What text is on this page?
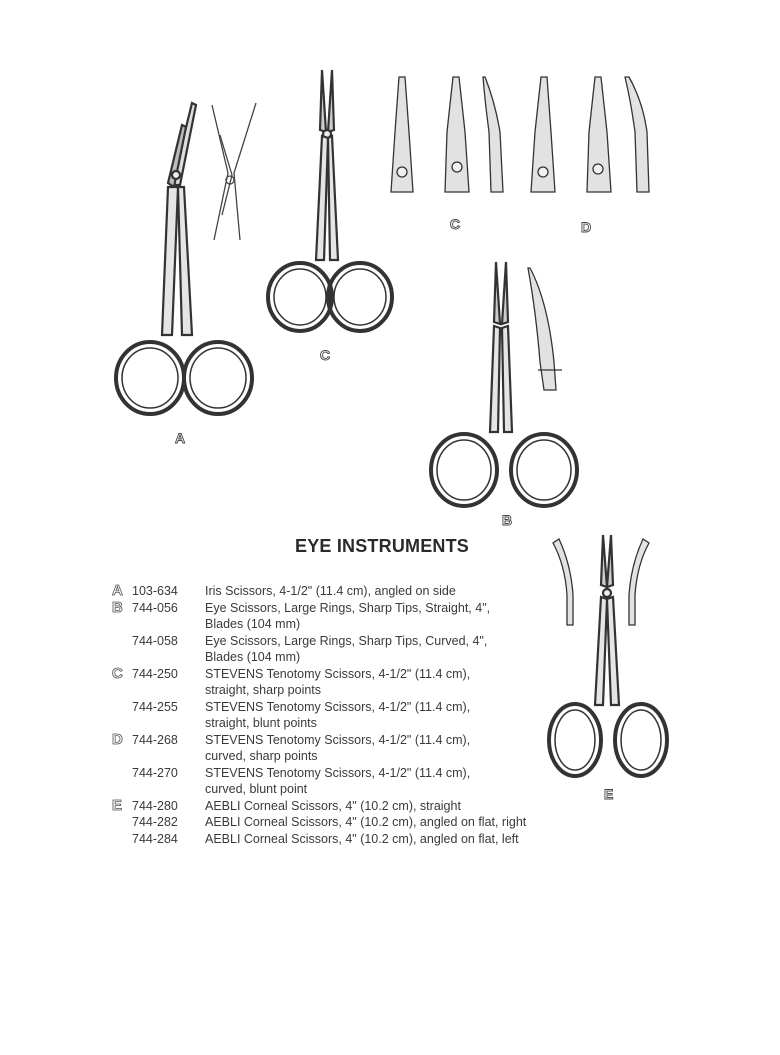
A
C
C	D
B
E
EYE INSTRUMENTS
A 103-634 Iris Scissors, 4-1/2" (11.4 cm), angled on side
B 744-056 Eye Scissors, Large Rings, Sharp Tips, Straight, 4",
Blades (104 mm)
744-058 Eye Scissors, Large Rings, Sharp Tips, Curved, 4",
Blades (104 mm)
C 744-250 STEVENS Tenotomy Scissors, 4-1/2" (11.4 cm),
straight, sharp points
744-255 STEVENS Tenotomy Scissors, 4-1/2" (11.4 cm),
straight, blunt points
D 744-268 STEVENS Tenotomy Scissors, 4-1/2" (11.4 cm),
curved, sharp points
744-270 STEVENS Tenotomy Scissors, 4-1/2" (11.4 cm),
curved, blunt point
E 744-280 AEBLI Corneal Scissors, 4" (10.2 cm), straight
744-282 AEBLI Corneal Scissors, 4" (10.2 cm), angled on flat, right
744-284 AEBLI Corneal Scissors, 4" (10.2 cm), angled on flat, left
